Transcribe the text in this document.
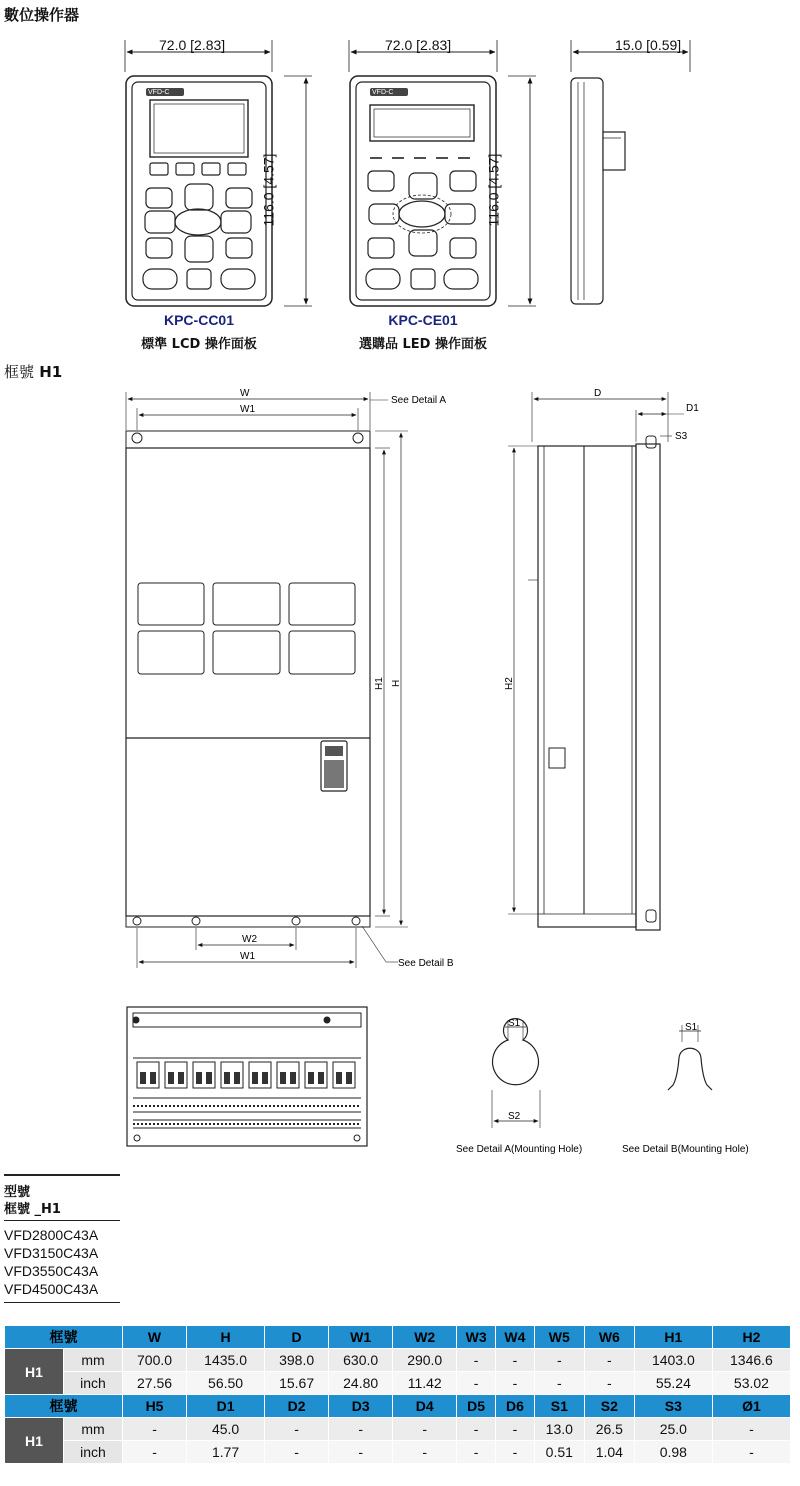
數位操作器
VFD-C	VFD-C
W
W1
See Detail A
W2
W1
See Detail B
H1 H
D
D1
S3
H2
S1
S2
See Detail A(Mounting Hole)
S1
See Detail B(Mounting Hole)
72.0 [2.83]	72.0 [2.83]	15.0 [0.59]
116.0 [4.57]	116.0 [4.57]
KPC-CC01
標準 LCD 操作面板
KPC-CE01
選購品 LED 操作面板
框號 H1
型號
框號 _H1
VFD2800C43A
VFD3150C43A
VFD3550C43A
VFD4500C43A
框號		W	H	D	W1	W2	W3	W4	W5	W6	H1	H2
H1	mm	700.0	1435.0	398.0	630.0	290.0	-	-	-	-	1403.0	1346.6
	inch	27.56	56.50	15.67	24.80	11.42	-	-	-	-	55.24	53.02
框號		H5	D1	D2	D3	D4	D5	D6	S1	S2	S3	Ø1
H1	mm	-	45.0	-	-	-	-	-	13.0	26.5	25.0	-
	inch	-	1.77	-	-	-	-	-	0.51	1.04	0.98	-
